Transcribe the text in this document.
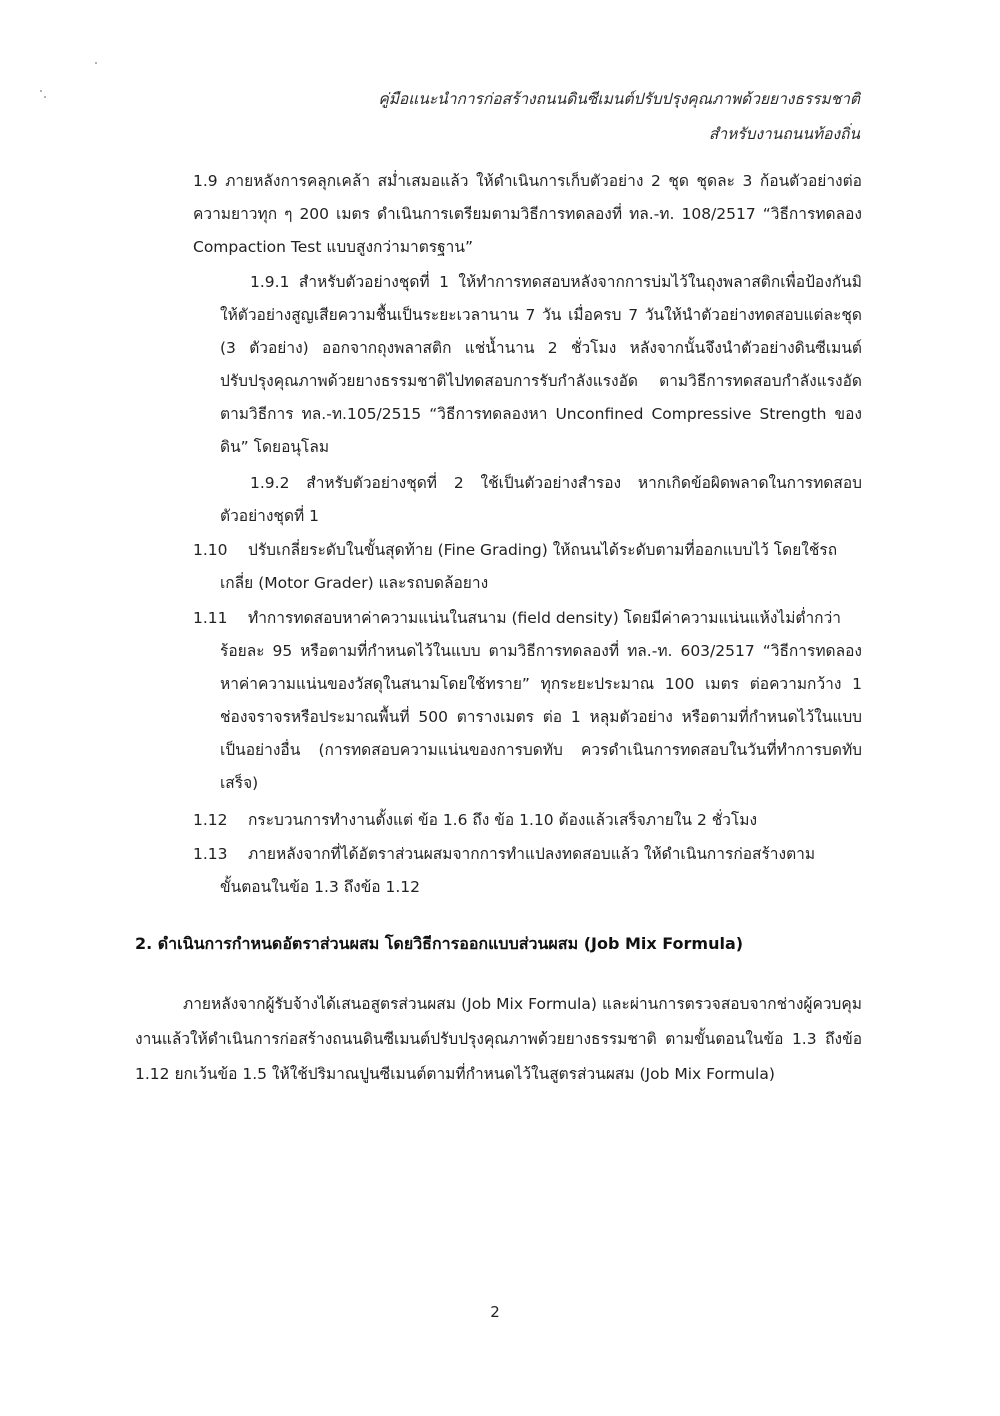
คู่มือแนะนำการก่อสร้างถนนดินซีเมนต์ปรับปรุงคุณภาพด้วยยางธรรมชาติ
สำหรับงานถนนท้องถิ่น
1.9 ภายหลังการคลุกเคล้า สม่ำเสมอแล้ว ให้ดำเนินการเก็บตัวอย่าง 2 ชุด ชุดละ 3 ก้อนตัวอย่างต่อความยาวทุก ๆ 200 เมตร ดำเนินการเตรียมตามวิธีการทดลองที่ ทล.-ท. 108/2517 “วิธีการทดลอง Compaction Test แบบสูงกว่ามาตรฐาน”
1.9.1 สำหรับตัวอย่างชุดที่ 1 ให้ทำการทดสอบหลังจากการบ่มไว้ในถุงพลาสติกเพื่อป้องกันมิให้ตัวอย่างสูญเสียความชื้นเป็นระยะเวลานาน 7 วัน เมื่อครบ 7 วันให้นำตัวอย่างทดสอบแต่ละชุด (3 ตัวอย่าง) ออกจากถุงพลาสติก แช่น้ำนาน 2 ชั่วโมง หลังจากนั้นจึงนำตัวอย่างดินซีเมนต์ปรับปรุงคุณภาพด้วยยางธรรมชาติไปทดสอบการรับกำลังแรงอัด ตามวิธีการทดสอบกำลังแรงอัดตามวิธีการ ทล.-ท.105/2515 “วิธีการทดลองหา Unconfined Compressive Strength ของดิน” โดยอนุโลม
1.9.2 สำหรับตัวอย่างชุดที่ 2 ใช้เป็นตัวอย่างสำรอง หากเกิดข้อผิดพลาดในการทดสอบตัวอย่างชุดที่ 1
1.10 ปรับเกลี่ยระดับในขั้นสุดท้าย (Fine Grading) ให้ถนนได้ระดับตามที่ออกแบบไว้ โดยใช้รถ
เกลี่ย (Motor Grader) และรถบดล้อยาง
1.11 ทำการทดสอบหาค่าความแน่นในสนาม (field density) โดยมีค่าความแน่นแห้งไม่ต่ำกว่า
ร้อยละ 95 หรือตามที่กำหนดไว้ในแบบ ตามวิธีการทดลองที่ ทล.-ท. 603/2517 “วิธีการทดลองหาค่าความแน่นของวัสดุในสนามโดยใช้ทราย” ทุกระยะประมาณ 100 เมตร ต่อความกว้าง 1 ช่องจราจรหรือประมาณพื้นที่ 500 ตารางเมตร ต่อ 1 หลุมตัวอย่าง หรือตามที่กำหนดไว้ในแบบเป็นอย่างอื่น (การทดสอบความแน่นของการบดทับ ควรดำเนินการทดสอบในวันที่ทำการบดทับเสร็จ)
1.12 กระบวนการทำงานตั้งแต่ ข้อ 1.6 ถึง ข้อ 1.10 ต้องแล้วเสร็จภายใน 2 ชั่วโมง
1.13 ภายหลังจากที่ได้อัตราส่วนผสมจากการทำแปลงทดสอบแล้ว ให้ดำเนินการก่อสร้างตาม
ขั้นตอนในข้อ 1.3 ถึงข้อ 1.12
2. ดำเนินการกำหนดอัตราส่วนผสม โดยวิธีการออกแบบส่วนผสม (Job Mix Formula)
ภายหลังจากผู้รับจ้างได้เสนอสูตรส่วนผสม (Job Mix Formula) และผ่านการตรวจสอบจากช่างผู้ควบคุมงานแล้วให้ดำเนินการก่อสร้างถนนดินซีเมนต์ปรับปรุงคุณภาพด้วยยางธรรมชาติ ตามขั้นตอนในข้อ 1.3 ถึงข้อ 1.12 ยกเว้นข้อ 1.5 ให้ใช้ปริมาณปูนซีเมนต์ตามที่กำหนดไว้ในสูตรส่วนผสม (Job Mix Formula)
2
